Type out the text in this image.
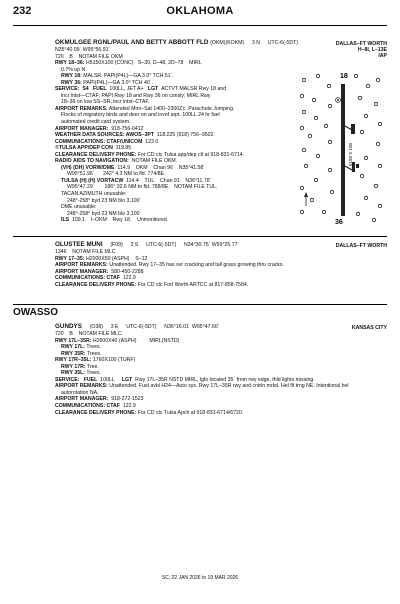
232	OKLAHOMA
OKMULGEE RGNL/PAUL AND BETTY ABBOTT FLD (OKM)(KOKM) 3 N UTC-6(-5DT)
N35°40.09´ W95°56.91´
720    B    NOTAM FILE OKM
RWY 18–36: H5150X100 (CONC)   S–30, D–48, 2D–78    MIRL
0.7% up N
RWY 18: MALSR. PAPI(P4L)—GA 3.0° TCH 51´.
RWY 36: PAPI(P4L)—GA 3.0° TCH 40´.
SERVICE: S4 FUEL  100LL, JET A+   LGT  ACTVT MALSR Rwy 18 and
incr intst—CTAF; PAPI Rwy 18 and Rwy 36 on consly; MIRL Rwy
18–36 on low SS–SR, incr intst–CTAF.
AIRPORT REMARKS: Attended Mon–Sat 1400–2300Z‡. Parachute Jumping.
Flocks of migratory birds and deer on and invof arpt. 100LL 24 hr fuel
automated credit card system.
AIRPORT MANAGER:  918-756-0412
WEATHER DATA SOURCES: AWOS–3PT  118.225 (918) 756–9502.
COMMUNICATIONS: CTAF/UNICOM  123.0
®TULSA APP/DEP CON  119.85
CLEARANCE DELIVERY PHONE: For CD ctc Tulsa app/dep ctl at 918-831-6714.
RADIO AIDS TO NAVIGATION:  NOTAM FILE OKM.
(VH) (DH) VORW/DME  114.9    OKM    Chan 96    N35°41.58´
W95°51.96´      242° 4.3 NM to fld. 774/8E.
TULSA (H) (H) VORTACW  114.4    TUL    Chan 91    N36°11.78´
W95°47.29´       186° 32.6 NM to fld. 788/8E.   NOTAM FILE TUL.
TACAN AZIMUTH unusable:
248°-258° byd 23 NM blo 3,100´
DME unusable:
248°-258° byd 23 NM blo 3,100´
ILS  109.1    I–OKM    Rwy 18.    Unmonitored.
DALLAS–FT WORTH
H–8I, L–13E
IAP
18
36
5150 X 100
OLUSTEE MUNI (F09) 3 S UTC-6(-5DT) N34°30.75´ W99°25.77´
1346    NOTAM FILE MLC
RWY 17–35: H2000X50 (ASPH)    S–12
AIRPORT REMARKS: Unattended. Rwy 17–35 has svr cracking and tall grass growing thru cracks.
AIRPORT MANAGER:  580-450-2288
COMMUNICATIONS: CTAF  122.9
CLEARANCE DELIVERY PHONE: For CD ctc Fort Worth ARTCC at 817-858-7584.
DALLAS–FT WORTH
OWASSO
GUNDYS (O38) 3 E UTC-6(-5DT) N36°16.01´ W95°47.60´
720    B    NOTAM FILE MLC
RWY 17L–35R: H2600X40 (ASPH)         MIRL(NSTD)
RWY 17L: Trees.
RWY 35R: Trees.
RWY 17R–35L: 1760X100 (TURF)
RWY 17R: Tree.
RWY 35L: Trees.
SERVICE: FUEL  100LL     LGT  Rwy 17L–35R NSTD MIRL, lgts located 35´ from rwy edge, thld lights missing.
AIRPORT REMARKS: Unattended. Fuel avbl H24—Auto sys. Rwy 17L–35R rwy and cntrln mrkd. Hel flt trng NE. Intentional hel
autorotation NA.
AIRPORT MANAGER:  918-272-1523
COMMUNICATIONS: CTAF  122.9
CLEARANCE DELIVERY PHONE: For CD ctc Tulsa Apch at 918-831-6714/6720.
KANSAS CITY
SC, 22 JAN 2026 to 19 MAR 2026
